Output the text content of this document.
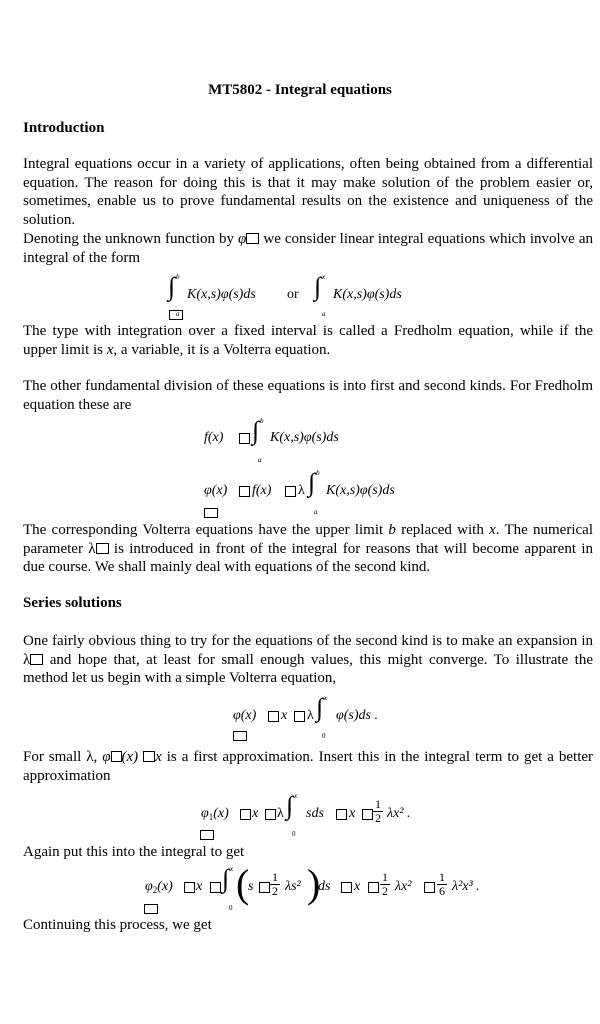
MT5802 - Integral equations
Introduction
Integral equations occur in a variety of applications, often being obtained from a differential equation. The reason for doing this is that it may make solution of the problem easier or, sometimes, enable us to prove fundamental results on the existence and uniqueness of the solution.
Denoting the unknown function by φ we consider linear integral equations which involve an integral of the form
b
∫
a
K(x,s)φ(s)ds or
x
∫
a
K(x,s)φ(s)ds
The type with integration over a fixed interval is called a Fredholm equation, while if the upper limit is x, a variable, it is a Volterra equation.
The other fundamental division of these equations is into first and second kinds. For Fredholm equation these are
f(x)
b
∫
a
K(x,s)φ(s)ds
φ(x) f(x) λ
b
∫
a
K(x,s)φ(s)ds
The corresponding Volterra equations have the upper limit b replaced with x. The numerical parameter λ is introduced in front of the integral for reasons that will become apparent in due course. We shall mainly deal with equations of the second kind.
Series solutions
One fairly obvious thing to try for the equations of the second kind is to make an expansion in λ and hope that, at least for small enough values, this might converge. To illustrate the method let us begin with a simple Volterra equation,
φ(x) x λ
x
∫
0
φ(s)ds .
For small λ, φ (x) x is a first approximation. Insert this in the integral term to get a better approximation
$\varphi_1(x)$ x λ
x
∫
0
sds x $\frac{1}{2} \lambda x^2$ .
Again put this into the integral to get
$\varphi_2(x)$ x
x
∫
0
(
s $\frac{1}{2} \lambda s^2$ )
ds x $\frac{1}{2} \lambda x^2 \frac{1}{6} \lambda^2x^3$ .
Continuing this process, we get
